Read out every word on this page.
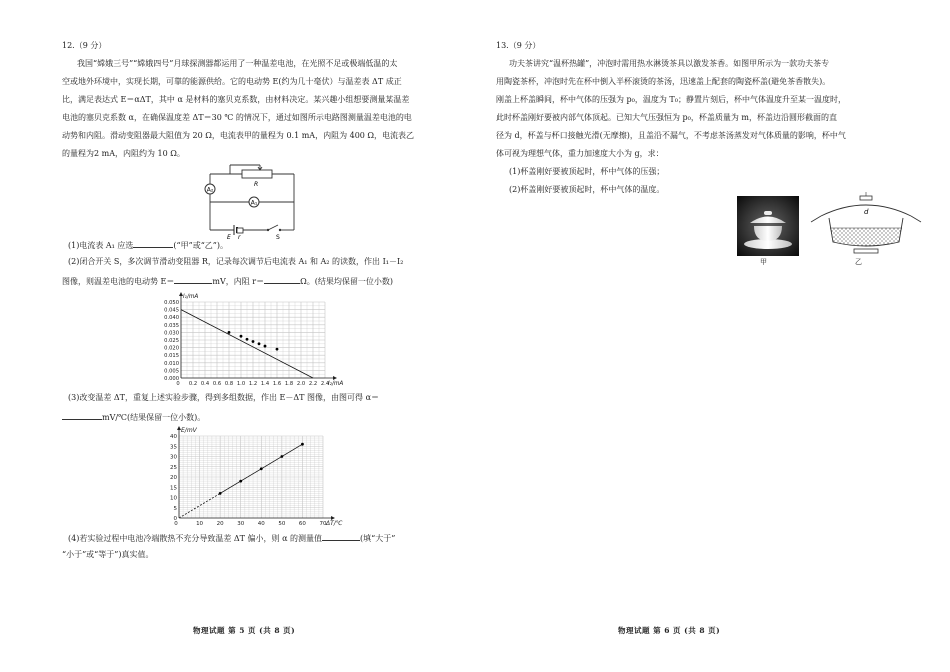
12.（9 分）
我国“嫦娥三号”“嫦娥四号”月球探测器都运用了一种温差电池，在光照不足或极端低温的太
空或地外环境中，实现长期，可靠的能源供给。它的电动势 E(约为几十毫伏）与温差表 ΔT 成正
比，满足表达式 E＝αΔT，其中 α 是材料的塞贝克系数，由材料决定。某兴趣小组想要测量某温差
电池的塞贝克系数 α，在确保温度差 ΔT＝30 ℃ 的情况下，通过如图所示电路图测量温差电池的电
动势和内阻。滑动变阻器最大阻值为 20 Ω，电流表甲的量程为 0.1 mA，内阻为 400 Ω，电流表乙
的量程为2 mA，内阻约为 10 Ω。
A₂
A₁
R
E r	S
(1)电流表 A₁ 应选	(“甲”或“乙”)。
(2)闭合开关 S，多次调节滑动变阻器 R，记录每次调节后电流表 A₁ 和 A₂ 的读数，作出 I₁－I₂
图像，则温差电池的电动势 E＝	mV，内阻 r＝	Ω。(结果均保留一位小数)
0 0.2 0.4 0.6 0.8 1.0 1.2 1.4 1.6 1.8 2.0 2.2 2.4
0.000
0.005
0.010
0.015
0.020
0.025
0.030
0.035
0.040
0.045
0.050
I₁/mA
I₂/mA
(3)改变温差 ΔT，重复上述实验步骤，得到多组数据，作出 E－ΔT 图像，由图可得 α＝
mV/℃(结果保留一位小数)。
0	10 20 30 40 50 60 70
0
5
10
15
20
25
30
35
40
E/mV
ΔT/℃
(4)若实验过程中电池冷端散热不充分导致温差 ΔT 偏小，则 α 的测量值	(填“大于”
“小于”或“等于”)真实值。
物理试题 第 5 页 (共 8 页)
13.（9 分）
功夫茶讲究“温杯热罐”，冲泡时需用热水淋烫茶具以激发茶香。如图甲所示为一款功夫茶专
用陶瓷茶杯，冲泡时先在杯中倒入半杯滚烫的茶汤，迅速盖上配套的陶瓷杯盖(避免茶香散失)。
刚盖上杯盖瞬间，杯中气体的压强为 p₀，温度为 T₀；静置片刻后，杯中气体温度升至某一温度时，
此时杯盖刚好要被内部气体顶起。已知大气压强恒为 p₀，杯盖质量为 m，杯盖边沿圆形截面的直
径为 d，杯盖与杯口接触光滑(无摩擦)，且盖沿不漏气，不考虑茶汤蒸发对气体质量的影响，杯中气
体可视为理想气体，重力加速度大小为 g，求：
(1)杯盖刚好要被顶起时，杯中气体的压强；
(2)杯盖刚好要被顶起时，杯中气体的温度。
甲
d
乙
物理试题 第 6 页 (共 8 页)
